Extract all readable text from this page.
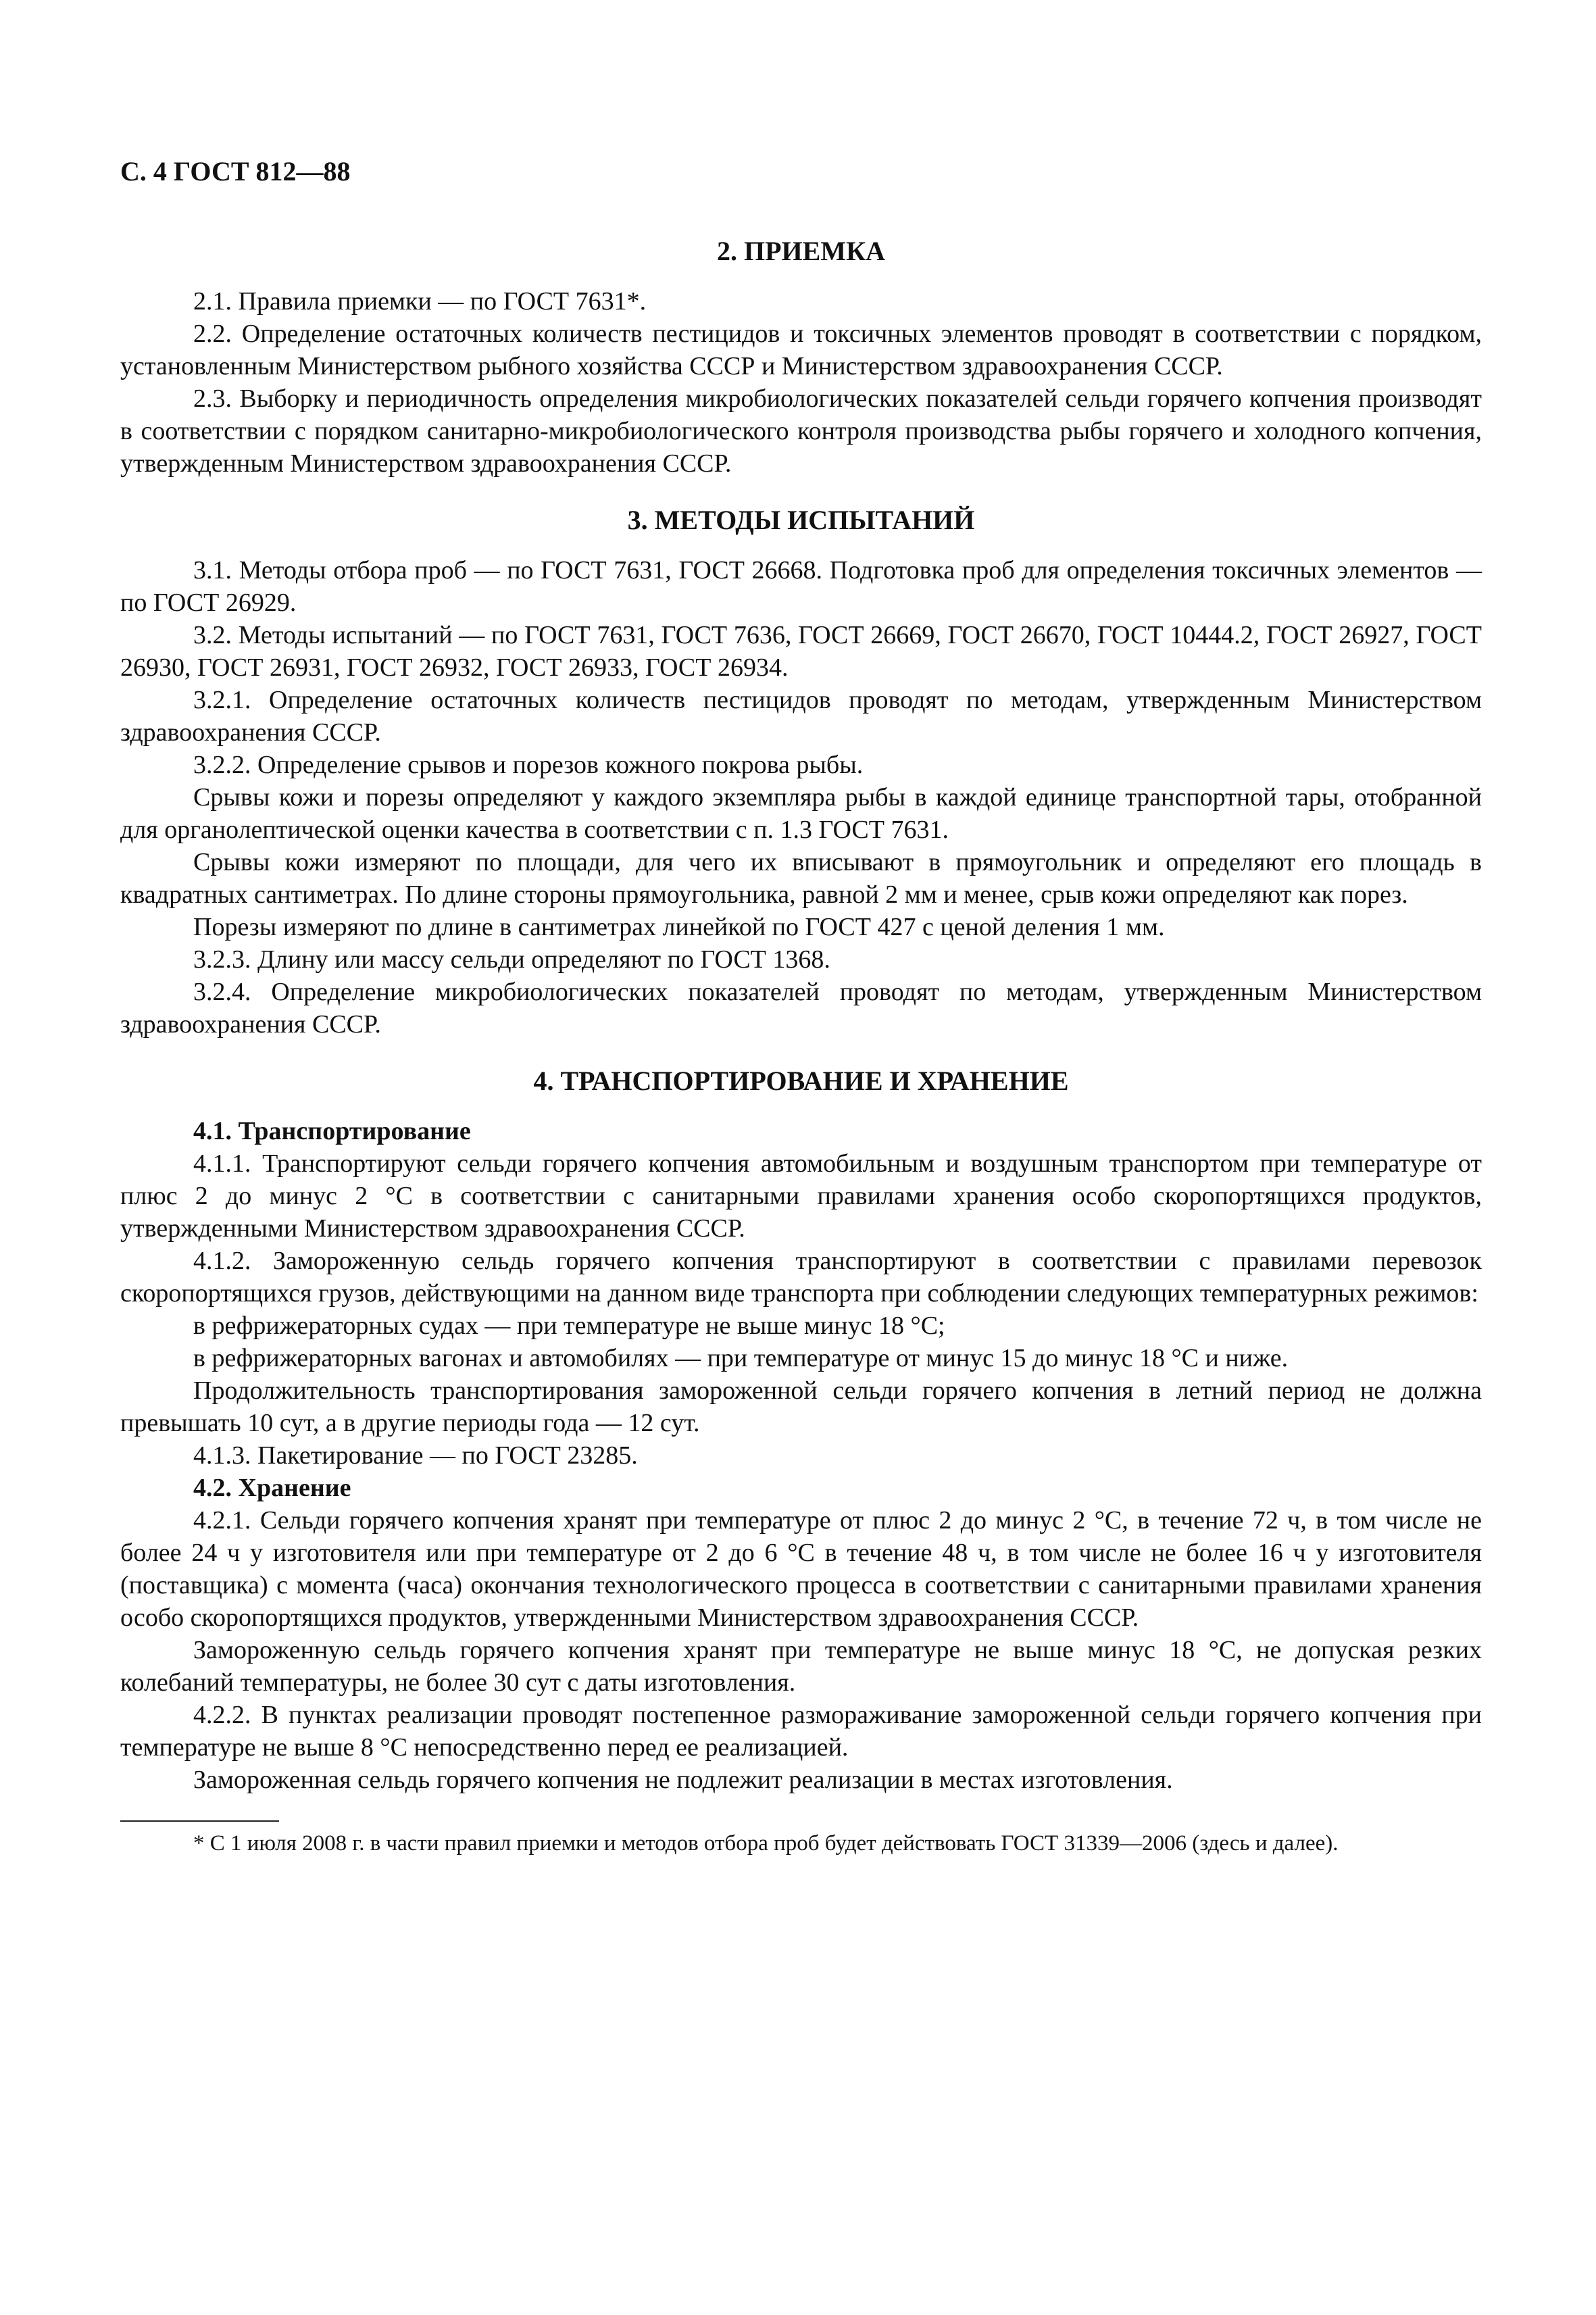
С. 4 ГОСТ 812—88
2. ПРИЕМКА

2.1. Правила приемки — по ГОСТ 7631*.

2.2. Определение остаточных количеств пестицидов и токсичных элементов проводят в соответствии с порядком, установленным Министерством рыбного хозяйства СССР и Министерством здравоохранения СССР.

2.3. Выборку и периодичность определения микробиологических показателей сельди горячего копчения производят в соответствии с порядком санитарно-микробиологического контроля производства рыбы горячего и холодного копчения, утвержденным Министерством здравоохранения СССР.

3. МЕТОДЫ ИСПЫТАНИЙ

3.1. Методы отбора проб — по ГОСТ 7631, ГОСТ 26668. Подготовка проб для определения токсичных элементов — по ГОСТ 26929.

3.2. Методы испытаний — по ГОСТ 7631, ГОСТ 7636, ГОСТ 26669, ГОСТ 26670, ГОСТ 10444.2, ГОСТ 26927, ГОСТ 26930, ГОСТ 26931, ГОСТ 26932, ГОСТ 26933, ГОСТ 26934.

3.2.1. Определение остаточных количеств пестицидов проводят по методам, утвержденным Министерством здравоохранения СССР.

3.2.2. Определение срывов и порезов кожного покрова рыбы.

Срывы кожи и порезы определяют у каждого экземпляра рыбы в каждой единице транспортной тары, отобранной для органолептической оценки качества в соответствии с п. 1.3 ГОСТ 7631.

Срывы кожи измеряют по площади, для чего их вписывают в прямоугольник и определяют его площадь в квадратных сантиметрах. По длине стороны прямоугольника, равной 2 мм и менее, срыв кожи определяют как порез.

Порезы измеряют по длине в сантиметрах линейкой по ГОСТ 427 с ценой деления 1 мм.

3.2.3. Длину или массу сельди определяют по ГОСТ 1368.

3.2.4. Определение микробиологических показателей проводят по методам, утвержденным Министерством здравоохранения СССР.

4. ТРАНСПОРТИРОВАНИЕ И ХРАНЕНИЕ
4.1. Транспортирование

4.1.1. Транспортируют сельди горячего копчения автомобильным и воздушным транспортом при температуре от плюс 2 до минус 2 °С в соответствии с санитарными правилами хранения особо скоропортящихся продуктов, утвержденными Министерством здравоохранения СССР.

4.1.2. Замороженную сельдь горячего копчения транспортируют в соответствии с правилами перевозок скоропортящихся грузов, действующими на данном виде транспорта при соблюдении следующих температурных режимов:

в рефрижераторных судах — при температуре не выше минус 18 °С;

в рефрижераторных вагонах и автомобилях — при температуре от минус 15 до минус 18 °С и ниже.

Продолжительность транспортирования замороженной сельди горячего копчения в летний период не должна превышать 10 сут, а в другие периоды года — 12 сут.

4.1.3. Пакетирование — по ГОСТ 23285.

4.2. Хранение

4.2.1. Сельди горячего копчения хранят при температуре от плюс 2 до минус 2 °С, в течение 72 ч, в том числе не более 24 ч у изготовителя или при температуре от 2 до 6 °С в течение 48 ч, в том числе не более 16 ч у изготовителя (поставщика) с момента (часа) окончания технологического процесса в соответствии с санитарными правилами хранения особо скоропортящихся продуктов, утвержденными Министерством здравоохранения СССР.

Замороженную сельдь горячего копчения хранят при температуре не выше минус 18 °С, не допуская резких колебаний температуры, не более 30 сут с даты изготовления.

4.2.2. В пунктах реализации проводят постепенное размораживание замороженной сельди горячего копчения при температуре не выше 8 °С непосредственно перед ее реализацией.

Замороженная сельдь горячего копчения не подлежит реализации в местах изготовления.

* С 1 июля 2008 г. в части правил приемки и методов отбора проб будет действовать ГОСТ 31339—2006 (здесь и далее).
